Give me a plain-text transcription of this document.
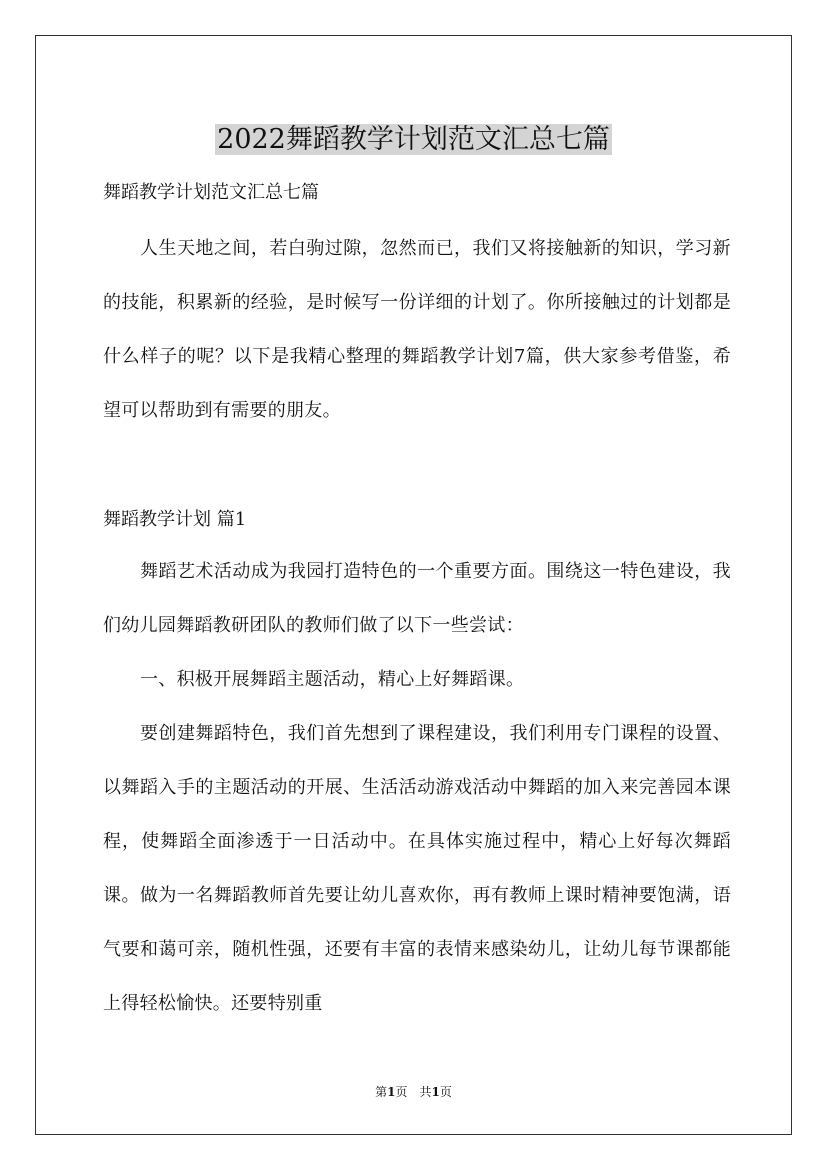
2022舞蹈教学计划范文汇总七篇
舞蹈教学计划范文汇总七篇

人生天地之间，若白驹过隙，忽然而已，我们又将接触新的知识，学习新的技能，积累新的经验，是时候写一份详细的计划了。你所接触过的计划都是什么样子的呢？以下是我精心整理的舞蹈教学计划7篇，供大家参考借鉴，希望可以帮助到有需要的朋友。

舞蹈教学计划 篇1

舞蹈艺术活动成为我园打造特色的一个重要方面。围绕这一特色建设，我们幼儿园舞蹈教研团队的教师们做了以下一些尝试：

一、积极开展舞蹈主题活动，精心上好舞蹈课。

要创建舞蹈特色，我们首先想到了课程建设，我们利用专门课程的设置、以舞蹈入手的主题活动的开展、生活活动游戏活动中舞蹈的加入来完善园本课程，使舞蹈全面渗透于一日活动中。在具体实施过程中，精心上好每次舞蹈课。做为一名舞蹈教师首先要让幼儿喜欢你，再有教师上课时精神要饱满，语气要和蔼可亲，随机性强，还要有丰富的表情来感染幼儿，让幼儿每节课都能上得轻松愉快。还要特别重

第1页　共1页
